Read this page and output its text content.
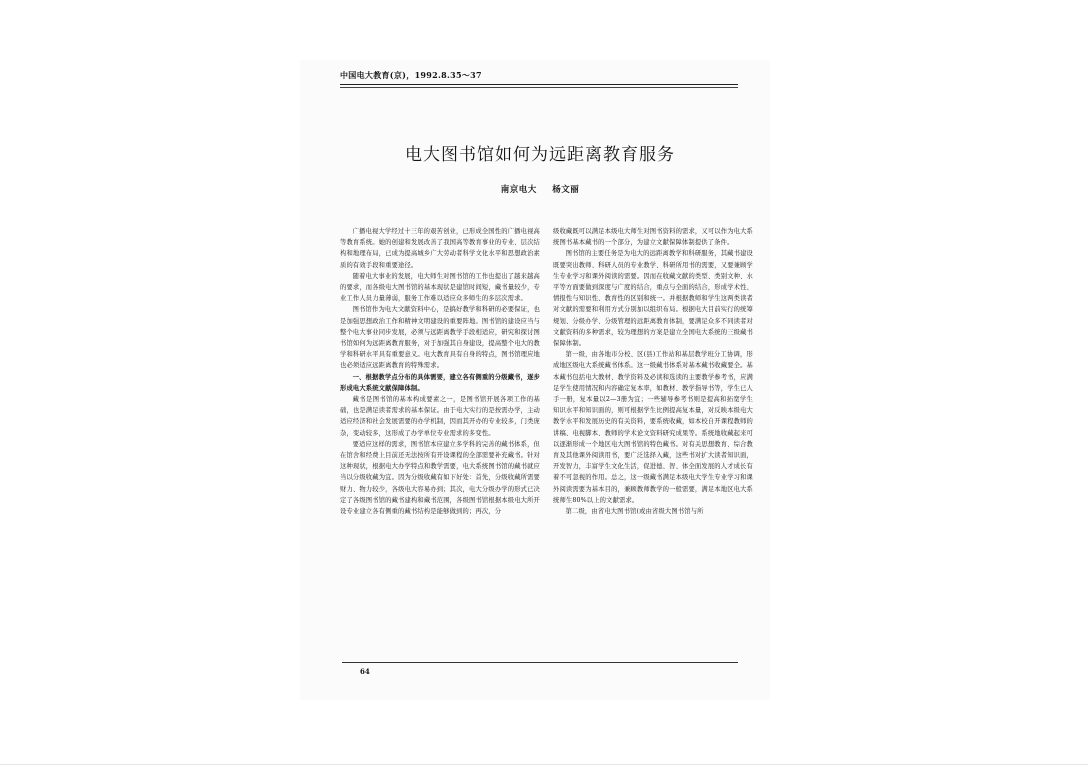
中国电大教育(京)，1992.8.35～37
电大图书馆如何为远距离教育服务
南京电大 杨文丽

广播电视大学经过十三年的艰苦创业，已形成全国性的广播电视高等教育系统。她的创建和发展改善了我国高等教育事业的专业、层次结构和地理布局，已成为提高城乡广大劳动者科学文化水平和思想政治素质的有效手段和重要途径。

随着电大事业的发展，电大师生对图书馆的工作也提出了越来越高的要求，而各级电大图书馆的基本现状是建馆时间短，藏书量较少，专业工作人员力量薄弱，服务工作难以适应众多师生的多层次需求。

图书馆作为电大文献资料中心，是搞好教学和科研的必要保证，也是加强思想政治工作和精神文明建设的重要阵地。图书馆的建设应当与整个电大事业同步发展，必须与远距离教学手段相适应，研究和探讨图书馆如何为远距离教育服务，对于加强其自身建设，提高整个电大的教学和科研水平具有重要意义。电大教育具有自身的特点，图书馆理应地也必须适应远距离教育的特殊需求。

一、根据教学点分布的具体需要，建立各有侧重的分级藏书，逐步形成电大系统文献保障体制。

藏书是图书馆的基本构成要素之一，是图书馆开展各项工作的基础，也是满足读者需求的基本保证。由于电大实行的是按需办学，主动适应经济和社会发展需要的办学机制，因而其开办的专业较多，门类庞杂，变动较多，这形成了办学单位专业需求的多变性。

要适应这样的需求，图书馆本应建立多学科的完善的藏书体系，但在馆舍和经费上目前还无法按所有开设课程的全部需要补充藏书。针对这种现状，根据电大办学特点和教学需要，电大系统图书馆的藏书就应当以分级收藏为宜。因为分级收藏有如下好处：首先，分级收藏所需要财力、物力较少，各级电大容易办到；其次，电大分级办学的形式已决定了各级图书馆的藏书建构和藏书范围，各级图书馆根据本级电大所开设专业建立各有侧重的藏书结构是能够做到的；再次，分

级收藏既可以满足本级电大师生对图书资料的需求，又可以作为电大系统图书基本藏书的一个部分，为建立文献保障体制提供了条件。

图书馆的主要任务是为电大的远距离教学和科研服务，其藏书建设既要突出教师、科研人员的专业教学、科研所用书的需要，又要兼顾学生专业学习和课外阅读的需要。因而在收藏文献的类型、类别文种、水平等方面要做到深度与广度的结合，重点与全面的结合，形成学术性、情报性与知识性、教育性的区别和统一。并根据教师和学生这两类读者对文献的需要和利用方式分别加以组织布局。根据电大目前实行的统筹规划、分级办学、分级管理的远距离教育体制，要满足众多不同读者对文献资料的多种需求，较为理想的方案是建立全国电大系统的三级藏书保障体制。

第一级，由各地市分校、区(县)工作站和基层教学班分工协调，形成地区级电大系统藏书体系。这一级藏书体系对基本藏书收藏要全。基本藏书包括电大教材、教学资料及必读和选读的主要教学参考书，应满足学生使用情况和内容确定复本率，如教材、教学指导书等，学生已人手一册，复本量以2—3册为宜；一些辅导参考书则是提高和拓宽学生知识水平和知识面的，则可根据学生比例提高复本量，对反映本级电大教学水平和发展历史的有关资料，要系统收藏，如本校自开课程教师的讲稿、电视脚本、教师的学术论文资料研究成果等。系统地收藏起来可以逐渐形成一个地区电大图书馆的特色藏书。对有关思想教育、综合教育及其他课外阅读用书，要广泛选择入藏，这些书对扩大读者知识面，开发智力，丰富学生文化生活，促进德、智、体全面发展的人才成长有着不可忽视的作用。总之，这一级藏书满足本级电大学生专业学习和课外阅读需要为基本目的，兼顾教师教学的一般需要，满足本地区电大系统师生80%以上的文献需求。

第二级，由省电大图书馆(或由省级大图书馆与所

64
